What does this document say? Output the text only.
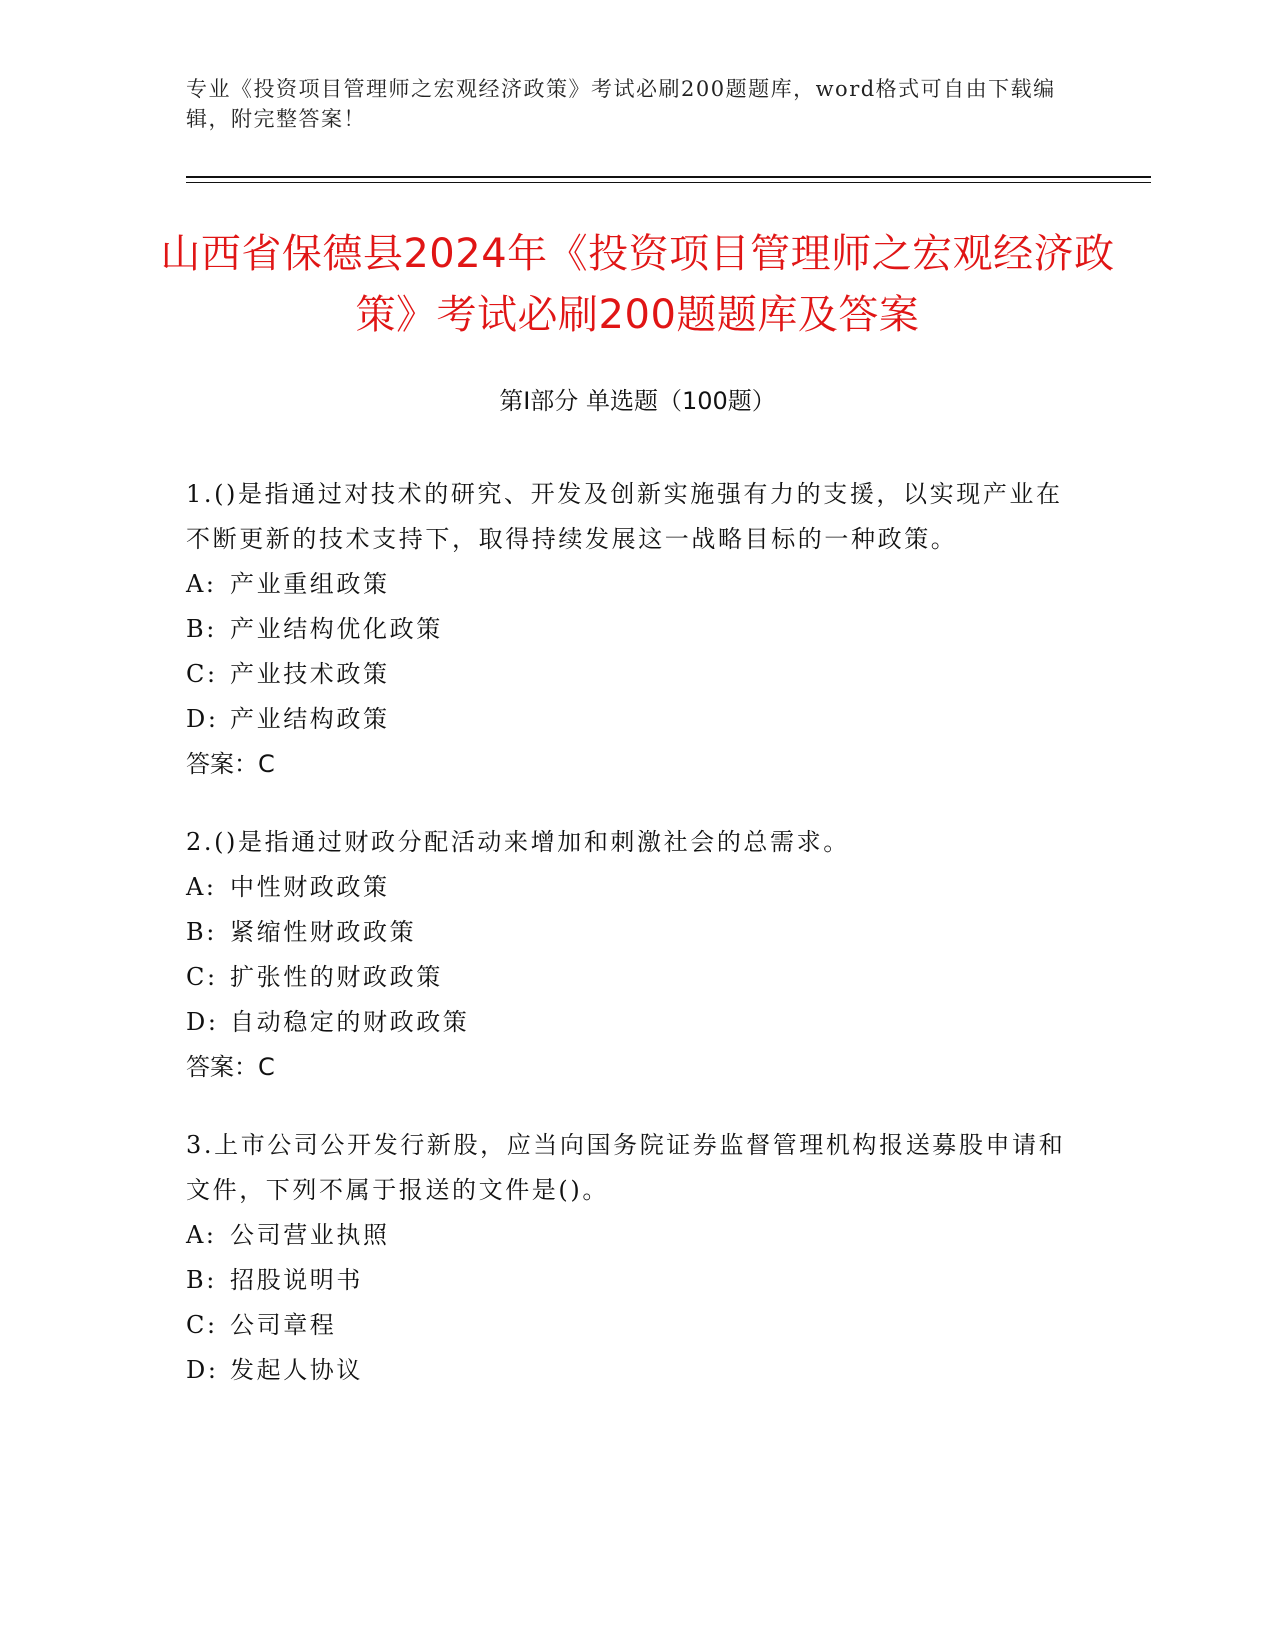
专业《投资项目管理师之宏观经济政策》考试必刷200题题库，word格式可自由下载编辑，附完整答案！
山西省保德县2024年《投资项目管理师之宏观经济政策》考试必刷200题题库及答案
第Ⅰ部分 单选题（100题）

1.()是指通过对技术的研究、开发及创新实施强有力的支援，以实现产业在不断更新的技术支持下，取得持续发展这一战略目标的一种政策。

A: 产业重组政策
B: 产业结构优化政策
C: 产业技术政策
D: 产业结构政策
答案：C

2.()是指通过财政分配活动来增加和刺激社会的总需求。

A: 中性财政政策
B: 紧缩性财政政策
C: 扩张性的财政政策
D: 自动稳定的财政政策
答案：C

3.上市公司公开发行新股，应当向国务院证券监督管理机构报送募股申请和文件，下列不属于报送的文件是()。

A: 公司营业执照
B: 招股说明书
C: 公司章程
D: 发起人协议
